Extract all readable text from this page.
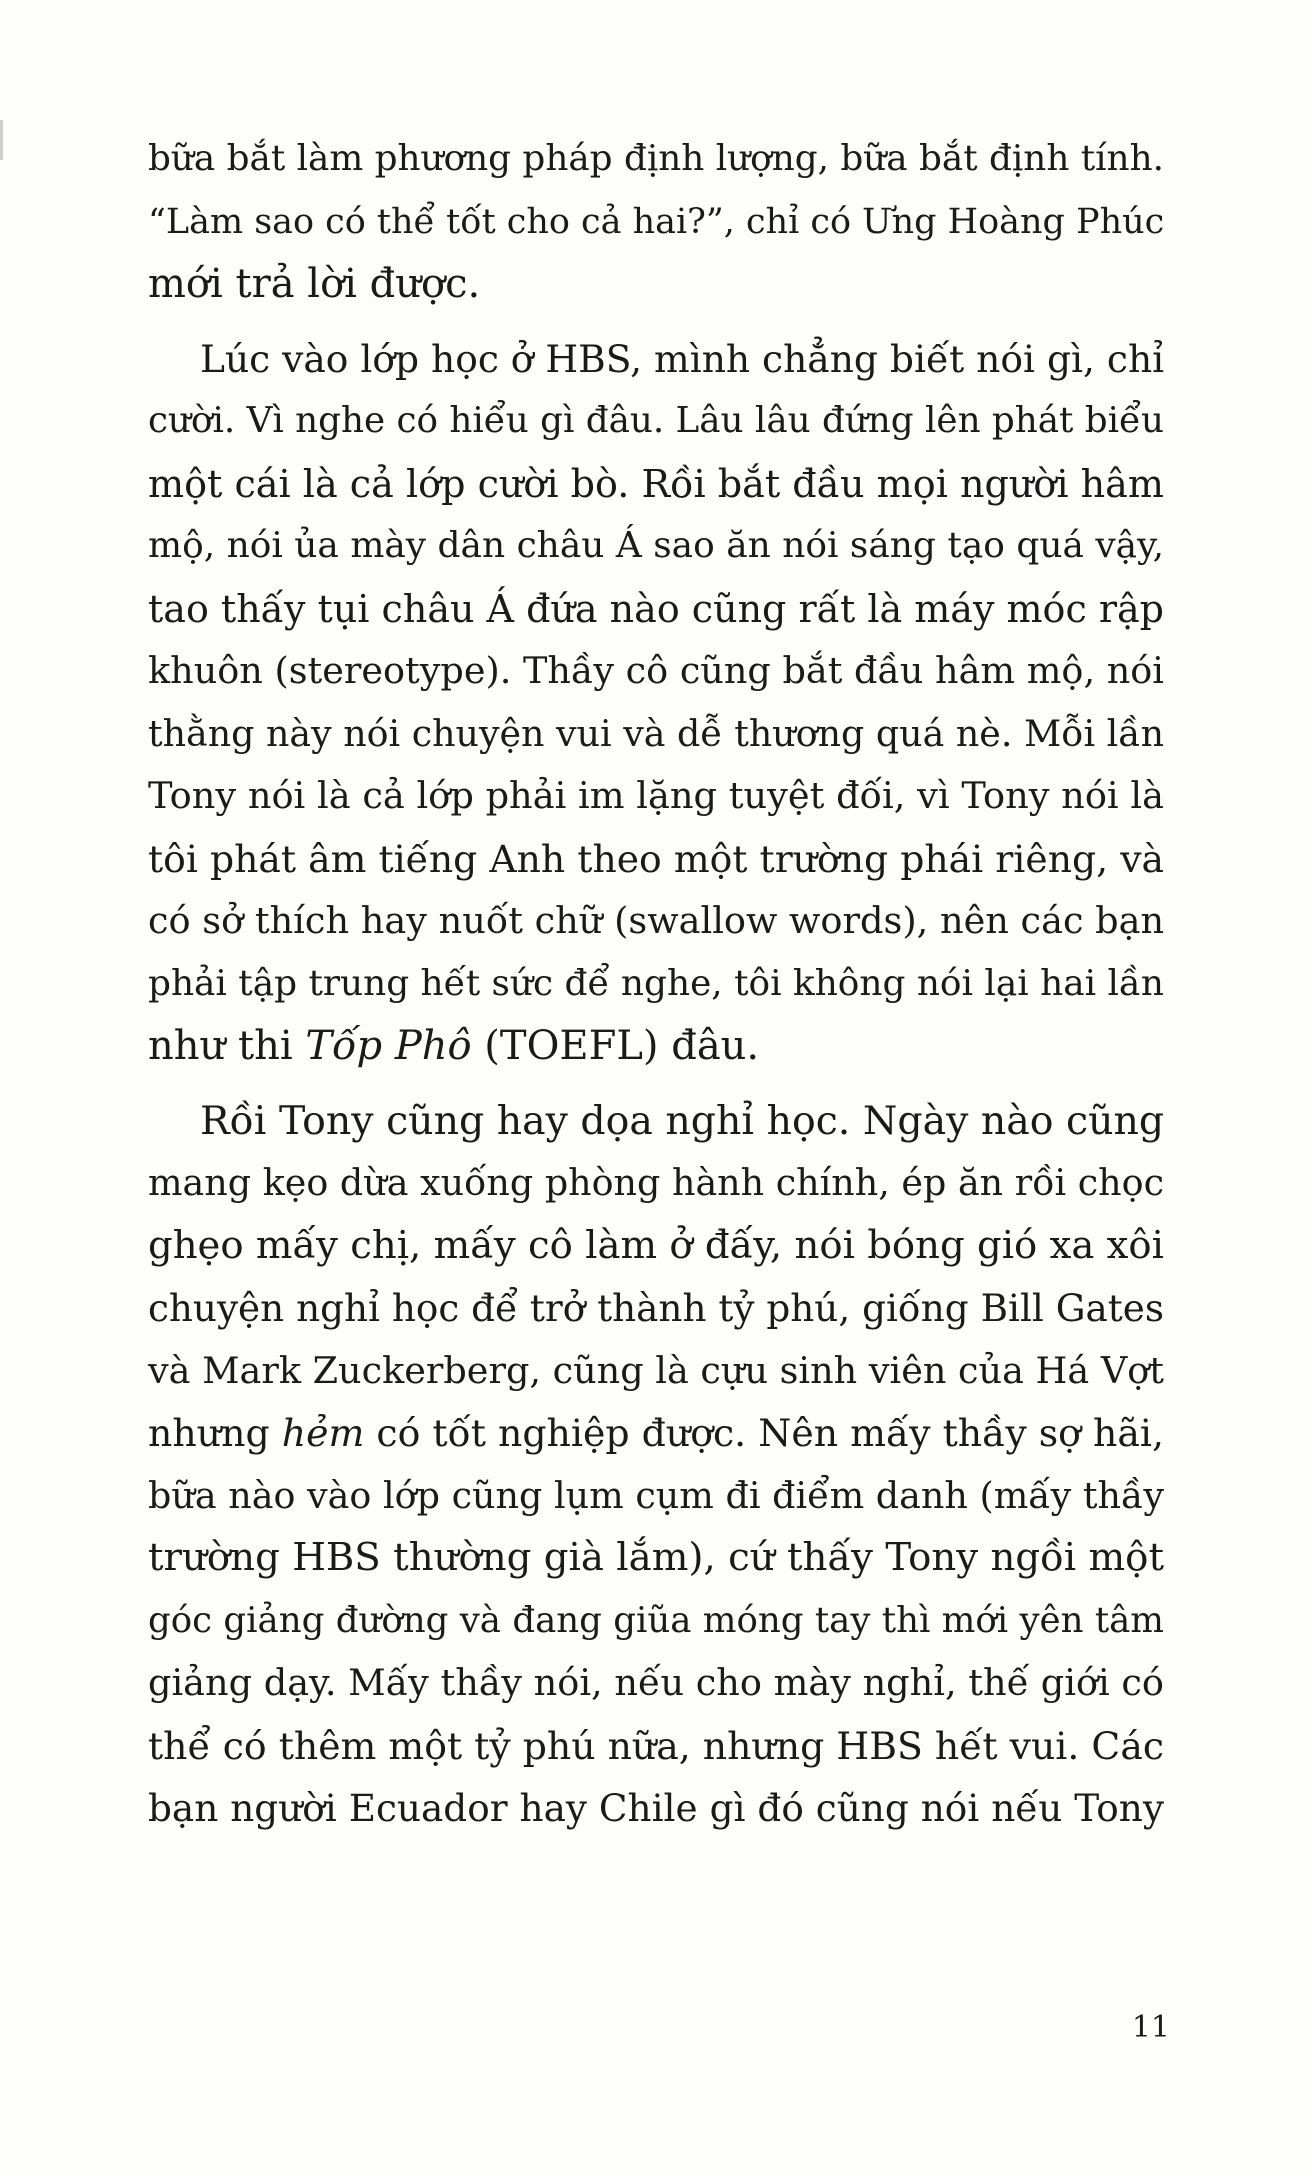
bữa bắt làm phương pháp định lượng, bữa bắt định tính.
“Làm sao có thể tốt cho cả hai?”, chỉ có Ưng Hoàng Phúc
mới trả lời được.
Lúc vào lớp học ở HBS, mình chẳng biết nói gì, chỉ
cười. Vì nghe có hiểu gì đâu. Lâu lâu đứng lên phát biểu
một cái là cả lớp cười bò. Rồi bắt đầu mọi người hâm
mộ, nói ủa mày dân châu Á sao ăn nói sáng tạo quá vậy,
tao thấy tụi châu Á đứa nào cũng rất là máy móc rập
khuôn (stereotype). Thầy cô cũng bắt đầu hâm mộ, nói
thằng này nói chuyện vui và dễ thương quá nè. Mỗi lần
Tony nói là cả lớp phải im lặng tuyệt đối, vì Tony nói là
tôi phát âm tiếng Anh theo một trường phái riêng, và
có sở thích hay nuốt chữ (swallow words), nên các bạn
phải tập trung hết sức để nghe, tôi không nói lại hai lần
như thi Tốp Phô (TOEFL) đâu.
Rồi Tony cũng hay dọa nghỉ học. Ngày nào cũng
mang kẹo dừa xuống phòng hành chính, ép ăn rồi chọc
ghẹo mấy chị, mấy cô làm ở đấy, nói bóng gió xa xôi
chuyện nghỉ học để trở thành tỷ phú, giống Bill Gates
và Mark Zuckerberg, cũng là cựu sinh viên của Há Vợt
nhưng hẻm có tốt nghiệp được. Nên mấy thầy sợ hãi,
bữa nào vào lớp cũng lụm cụm đi điểm danh (mấy thầy
trường HBS thường già lắm), cứ thấy Tony ngồi một
góc giảng đường và đang giũa móng tay thì mới yên tâm
giảng dạy. Mấy thầy nói, nếu cho mày nghỉ, thế giới có
thể có thêm một tỷ phú nữa, nhưng HBS hết vui. Các
bạn người Ecuador hay Chile gì đó cũng nói nếu Tony
11
